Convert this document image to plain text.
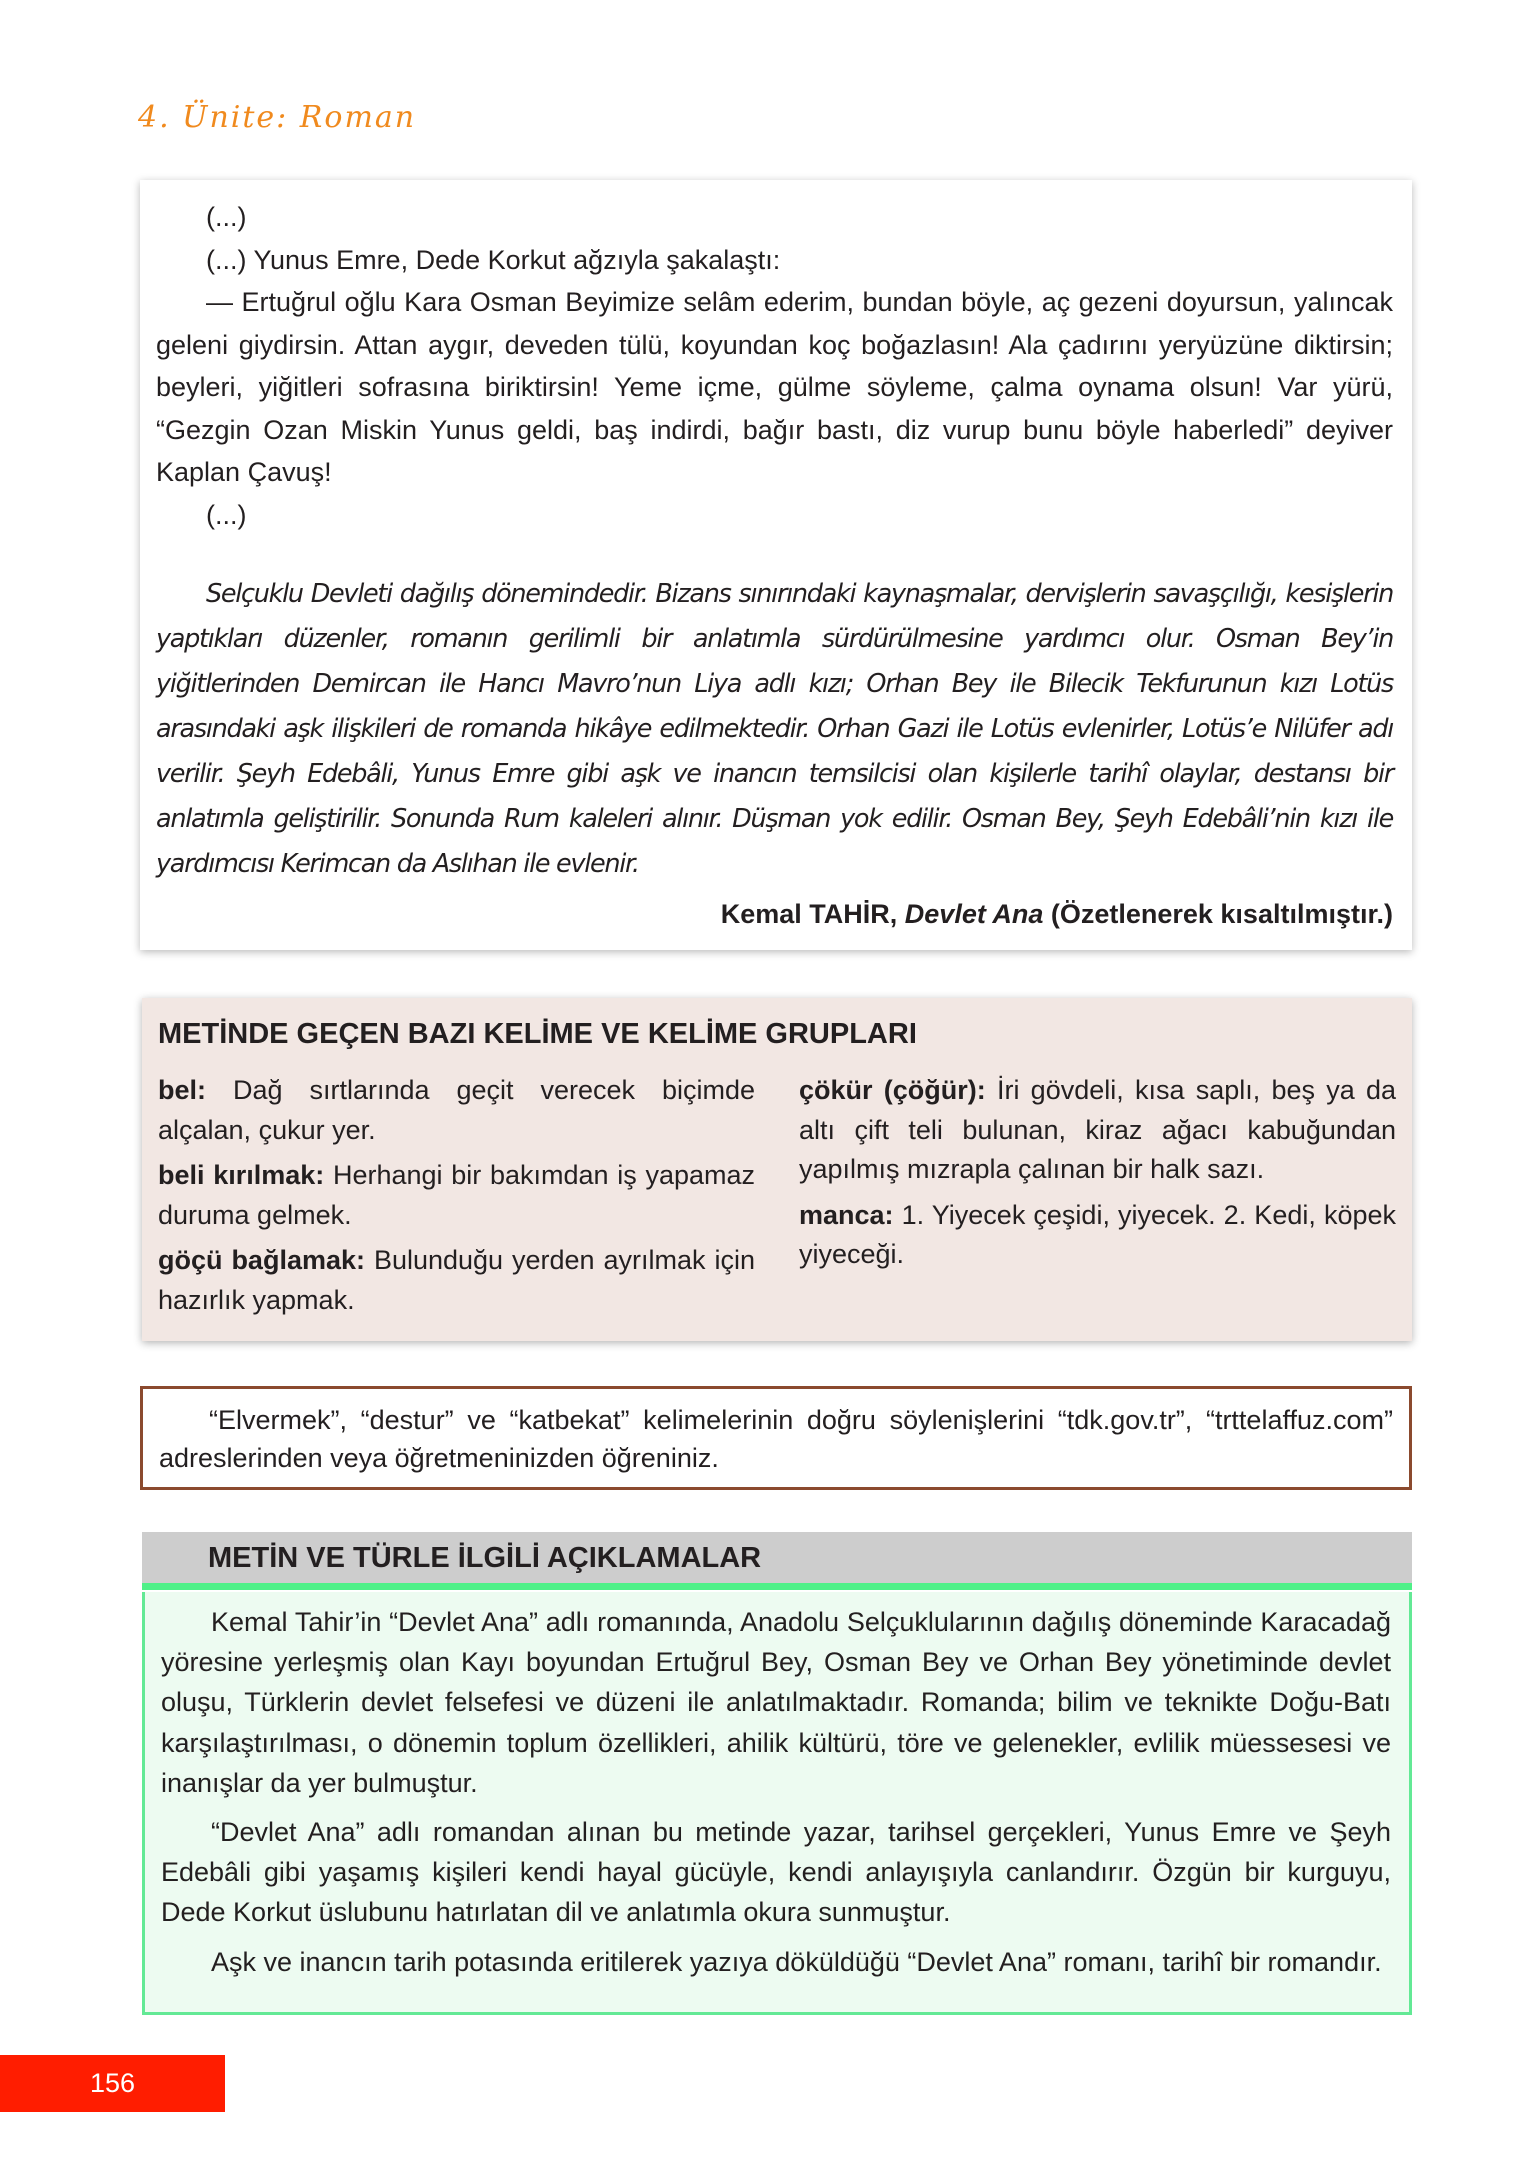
4. Ünite: Roman

(...)

(...) Yunus Emre, Dede Korkut ağzıyla şakalaştı:

— Ertuğrul oğlu Kara Osman Beyimize selâm ederim, bundan böyle, aç gezeni doyursun, yalıncak geleni giydirsin. Attan aygır, deveden tülü, koyundan koç boğazlasın! Ala çadırını yeryüzüne diktirsin; beyleri, yiğitleri sofrasına biriktirsin! Yeme içme, gülme söyleme, çalma oynama olsun! Var yürü, “Gezgin Ozan Miskin Yunus geldi, baş indirdi, bağır bastı, diz vurup bunu böyle haberledi” deyiver Kaplan Çavuş!

(...)

Selçuklu Devleti dağılış dönemindedir. Bizans sınırındaki kaynaşmalar, dervişlerin savaşçılığı, kesişlerin yaptıkları düzenler, romanın gerilimli bir anlatımla sürdürülmesine yardımcı olur. Osman Bey’in yiğitlerinden Demircan ile Hancı Mavro’nun Liya adlı kızı; Orhan Bey ile Bilecik Tekfurunun kızı Lotüs arasındaki aşk ilişkileri de romanda hikâye edilmektedir. Orhan Gazi ile Lotüs evlenirler, Lotüs’e Nilüfer adı verilir. Şeyh Edebâli, Yunus Emre gibi aşk ve inancın temsilcisi olan kişilerle tarihî olaylar, destansı bir anlatımla geliştirilir. Sonunda Rum kaleleri alınır. Düşman yok edilir. Osman Bey, Şeyh Edebâli’nin kızı ile yardımcısı Kerimcan da Aslıhan ile evlenir.

Kemal TAHİR, Devlet Ana (Özetlenerek kısaltılmıştır.)

METİNDE GEÇEN BAZI KELİME VE KELİME GRUPLARI

bel: Dağ sırtlarında geçit verecek biçimde alçalan, çukur yer.

beli kırılmak: Herhangi bir bakımdan iş yapamaz duruma gelmek.

göçü bağlamak: Bulunduğu yerden ayrılmak için hazırlık yapmak.

çökür (çöğür): İri gövdeli, kısa saplı, beş ya da altı çift teli bulunan, kiraz ağacı kabuğundan yapılmış mızrapla çalınan bir halk sazı.

manca: 1. Yiyecek çeşidi, yiyecek. 2. Kedi, köpek yiyeceği.

“Elvermek”, “destur” ve “katbekat” kelimelerinin doğru söylenişlerini “tdk.gov.tr”, “trttelaffuz.com” adreslerinden veya öğretmeninizden öğreniniz.

METİN VE TÜRLE İLGİLİ AÇIKLAMALAR

Kemal Tahir’in “Devlet Ana” adlı romanında, Anadolu Selçuklularının dağılış döneminde Karacadağ yöresine yerleşmiş olan Kayı boyundan Ertuğrul Bey, Osman Bey ve Orhan Bey yönetiminde devlet oluşu, Türklerin devlet felsefesi ve düzeni ile anlatılmaktadır. Romanda; bilim ve teknikte Doğu-Batı karşılaştırılması, o dönemin toplum özellikleri, ahilik kültürü, töre ve gelenekler, evlilik müessesesi ve inanışlar da yer bulmuştur.

“Devlet Ana” adlı romandan alınan bu metinde yazar, tarihsel gerçekleri, Yunus Emre ve Şeyh Edebâli gibi yaşamış kişileri kendi hayal gücüyle, kendi anlayışıyla canlandırır. Özgün bir kurguyu, Dede Korkut üslubunu hatırlatan dil ve anlatımla okura sunmuştur.

Aşk ve inancın tarih potasında eritilerek yazıya döküldüğü “Devlet Ana” romanı, tarihî bir romandır.

156
